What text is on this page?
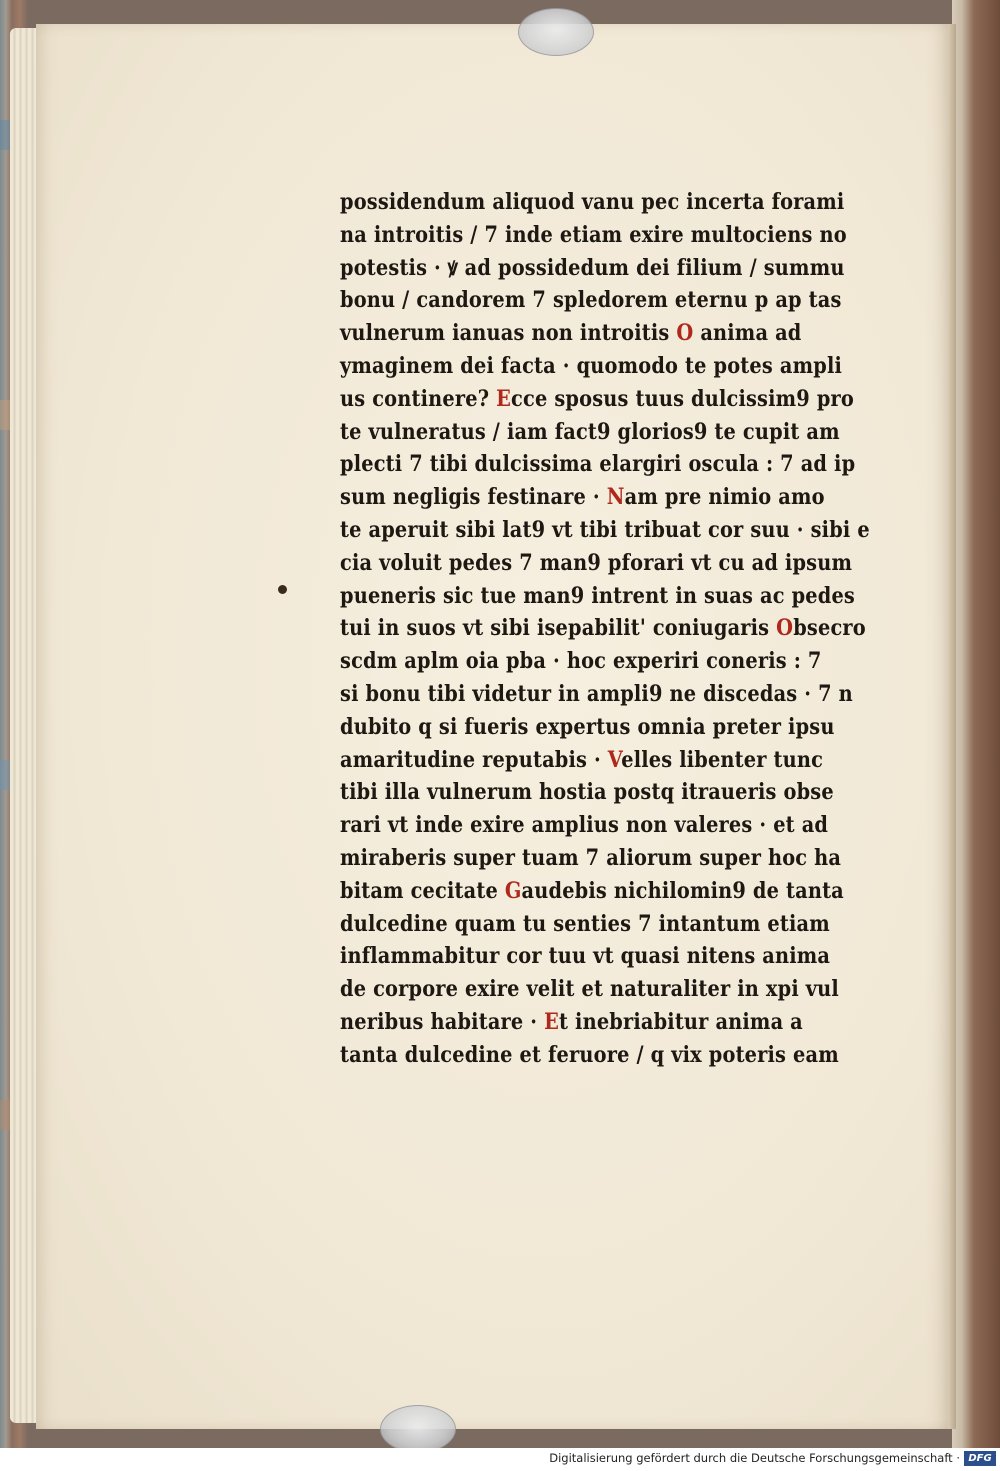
possidendum aliquod vanu pec incerta forami
na introitis / 7 inde etiam exire multociens no
potestis · ꝟ ad possidedum dei filium / summu
bonu / candorem 7 spledorem eternu p ap tas
vulnerum ianuas non introitis O anima ad
ymaginem dei facta · quomodo te potes ampli
us continere? Ecce sposus tuus dulcissim9 pro
te vulneratus / iam fact9 glorios9 te cupit am
plecti 7 tibi dulcissima elargiri oscula : 7 ad ip
sum negligis festinare · Nam pre nimio amo
te aperuit sibi lat9 vt tibi tribuat cor suu · sibi e
cia voluit pedes 7 man9 pforari vt cu ad ipsum
pueneris sic tue man9 intrent in suas ac pedes
tui in suos vt sibi isepabilit' coniugaris Obsecro
scdm aplm oia pba · hoc experiri coneris : 7
si bonu tibi videtur in ampli9 ne discedas · 7 n
dubito q si fueris expertus omnia preter ipsu
amaritudine reputabis · Velles libenter tunc
tibi illa vulnerum hostia postq itraueris obse
rari vt inde exire amplius non valeres · et ad
miraberis super tuam 7 aliorum super hoc ha
bitam cecitate Gaudebis nichilomin9 de tanta
dulcedine quam tu senties 7 intantum etiam
inflammabitur cor tuu vt quasi nitens anima
de corpore exire velit et naturaliter in xpi vul
neribus habitare · Et inebriabitur anima a
tanta dulcedine et feruore / q vix poteris eam
Digitalisierung gefördert durch die Deutsche Forschungsgemeinschaft · DFG
